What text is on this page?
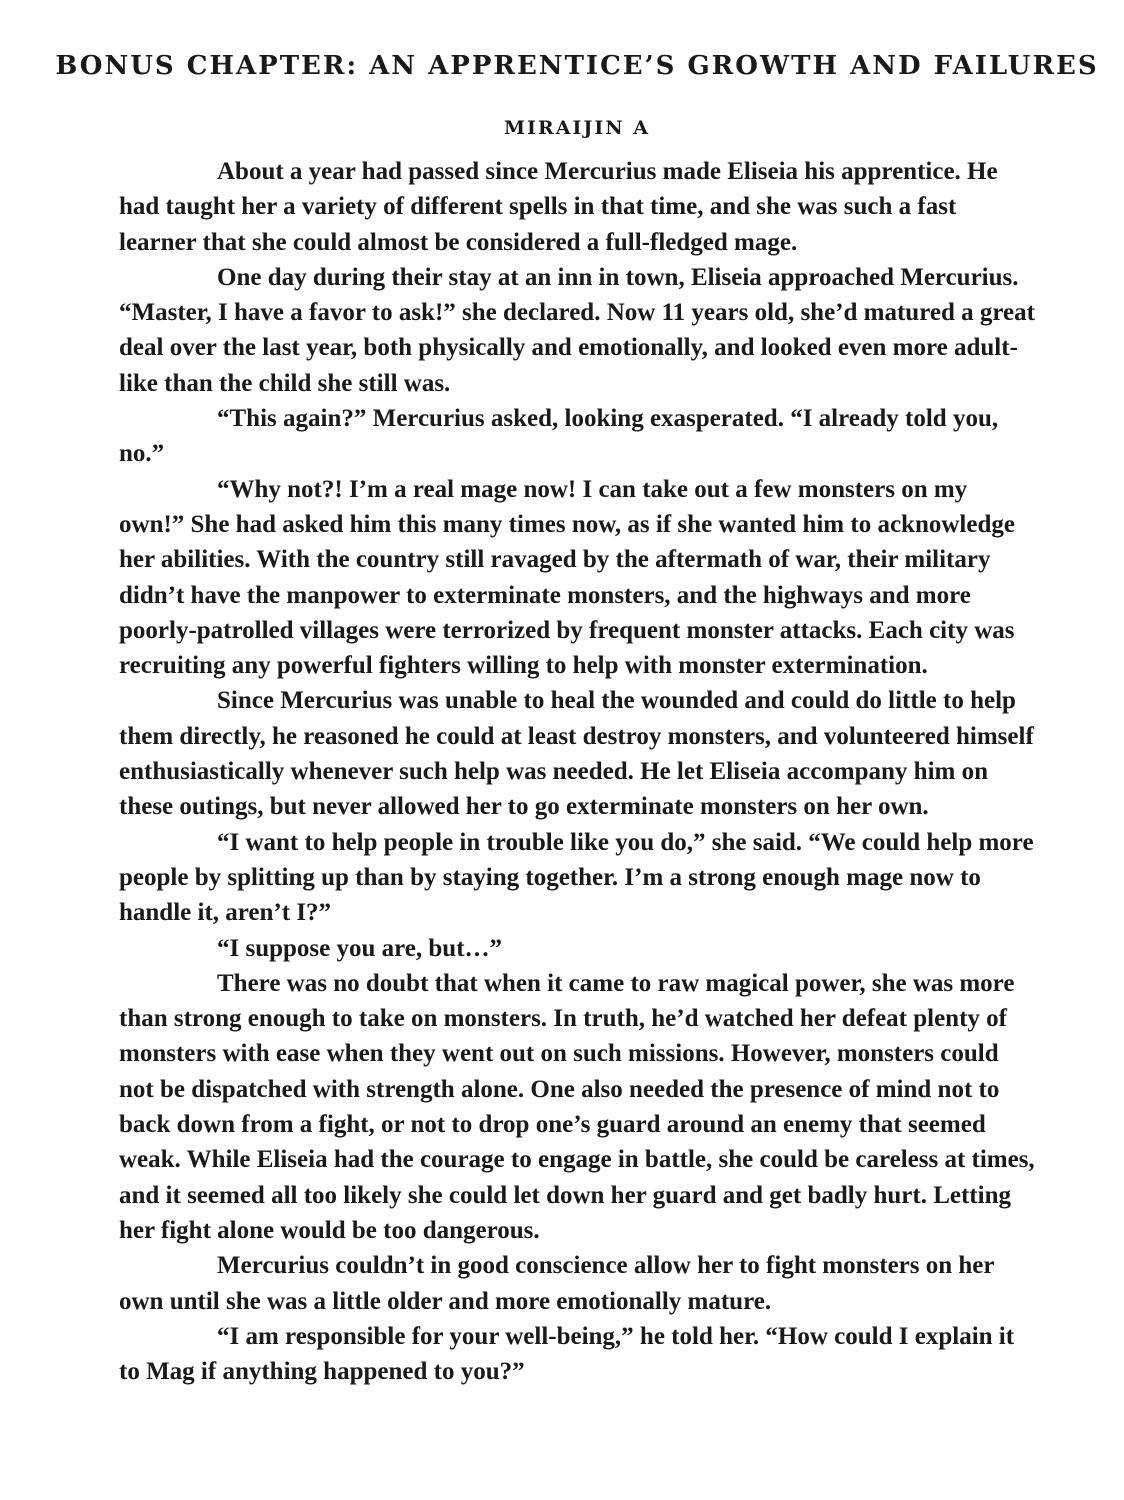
BONUS CHAPTER: AN APPRENTICE’S GROWTH AND FAILURES
MIRAIJIN A

About a year had passed since Mercurius made Eliseia his apprentice. He had taught her a variety of different spells in that time, and she was such a fast learner that she could almost be considered a full-fledged mage.

One day during their stay at an inn in town, Eliseia approached Mercurius. “Master, I have a favor to ask!” she declared. Now 11 years old, she’d matured a great deal over the last year, both physically and emotionally, and looked even more adult-like than the child she still was.

“This again?” Mercurius asked, looking exasperated. “I already told you, no.”

“Why not?! I’m a real mage now! I can take out a few monsters on my own!” She had asked him this many times now, as if she wanted him to acknowledge her abilities. With the country still ravaged by the aftermath of war, their military didn’t have the manpower to exterminate monsters, and the highways and more poorly-patrolled villages were terrorized by frequent monster attacks. Each city was recruiting any powerful fighters willing to help with monster extermination.

Since Mercurius was unable to heal the wounded and could do little to help them directly, he reasoned he could at least destroy monsters, and volunteered himself enthusiastically whenever such help was needed. He let Eliseia accompany him on these outings, but never allowed her to go exterminate monsters on her own.

“I want to help people in trouble like you do,” she said. “We could help more people by splitting up than by staying together. I’m a strong enough mage now to handle it, aren’t I?”

“I suppose you are, but…”

There was no doubt that when it came to raw magical power, she was more than strong enough to take on monsters. In truth, he’d watched her defeat plenty of monsters with ease when they went out on such missions. However, monsters could not be dispatched with strength alone. One also needed the presence of mind not to back down from a fight, or not to drop one’s guard around an enemy that seemed weak. While Eliseia had the courage to engage in battle, she could be careless at times, and it seemed all too likely she could let down her guard and get badly hurt. Letting her fight alone would be too dangerous.

Mercurius couldn’t in good conscience allow her to fight monsters on her own until she was a little older and more emotionally mature.

“I am responsible for your well-being,” he told her. “How could I explain it to Mag if anything happened to you?”
